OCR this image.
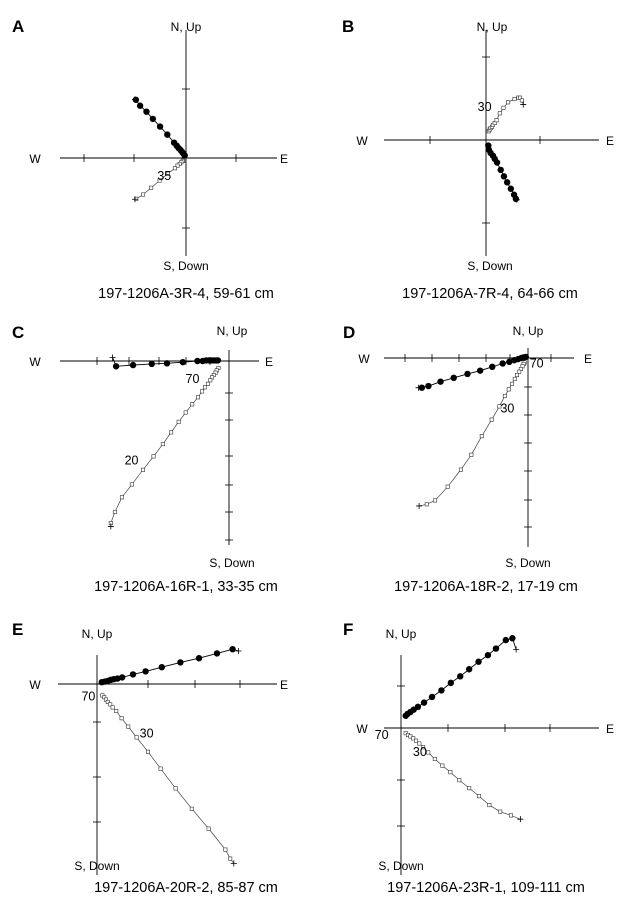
A	N, Up
S, Down
W	E
197-1206A-3R-4, 59-61 cm
35
B	N, Up
S, Down
W	E
197-1206A-7R-4, 64-66 cm
30
C	N, Up
S, Down
W	E
197-1206A-16R-1, 33-35 cm
70
20
D	N, Up
S, Down
W	E
197-1206A-18R-2, 17-19 cm
70
30
E	N, Up
S, Down
W	E
197-1206A-20R-2, 85-87 cm
70
30
F	N, Up
S, Down
W	E
197-1206A-23R-1, 109-111 cm
70
30
